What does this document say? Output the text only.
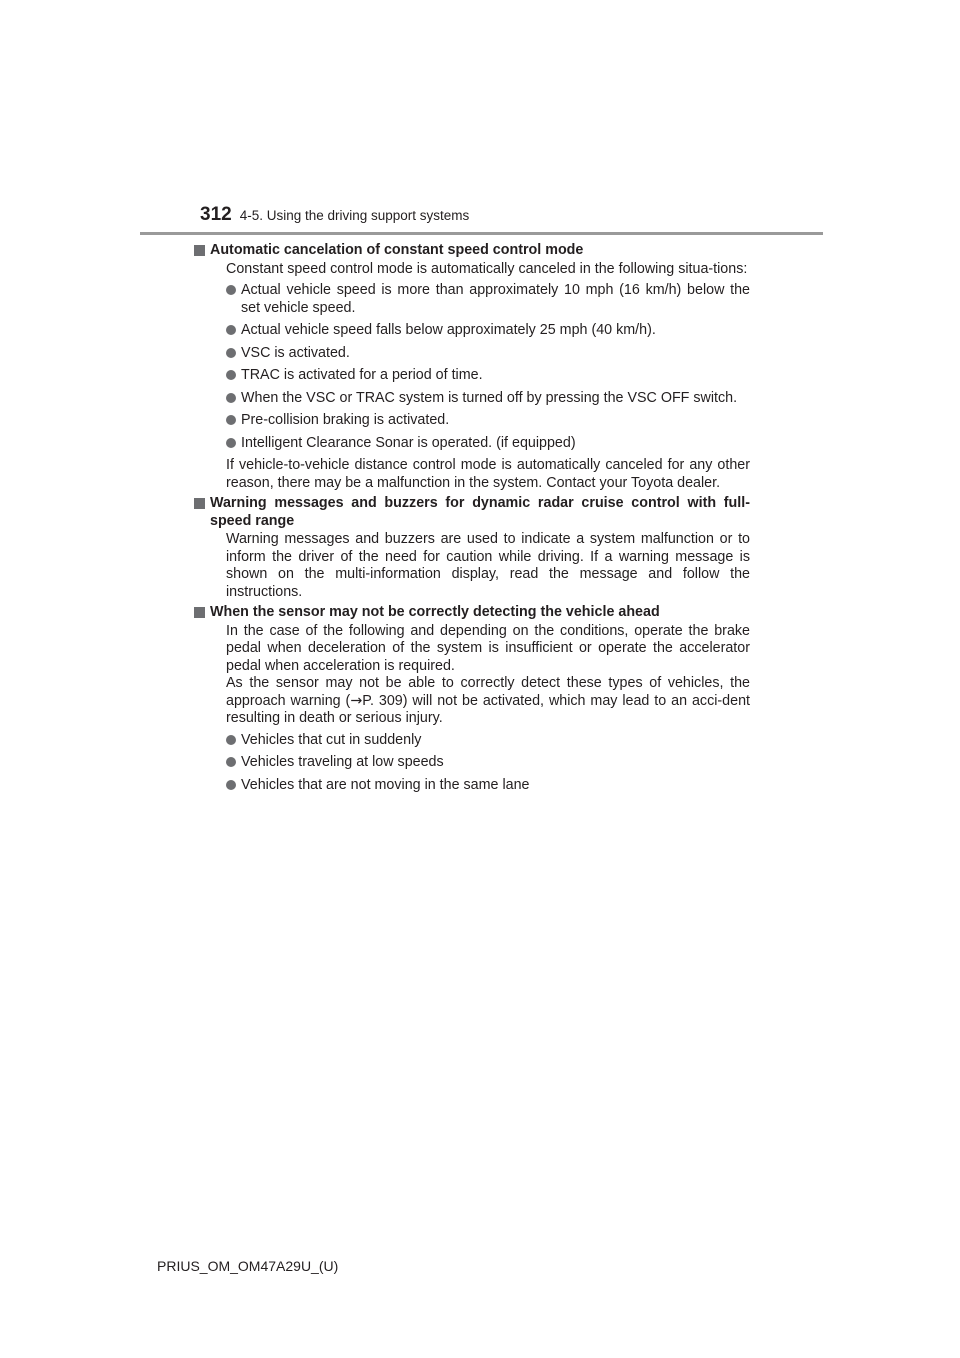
312 4-5. Using the driving support systems
Automatic cancelation of constant speed control mode

Constant speed control mode is automatically canceled in the following situa-tions:

Actual vehicle speed is more than approximately 10 mph (16 km/h) below the set vehicle speed.
Actual vehicle speed falls below approximately 25 mph (40 km/h).
VSC is activated.
TRAC is activated for a period of time.
When the VSC or TRAC system is turned off by pressing the VSC OFF switch.
Pre-collision braking is activated.
Intelligent Clearance Sonar is operated. (if equipped)

If vehicle-to-vehicle distance control mode is automatically canceled for any other reason, there may be a malfunction in the system. Contact your Toyota dealer.

Warning messages and buzzers for dynamic radar cruise control with full-speed range

Warning messages and buzzers are used to indicate a system malfunction or to inform the driver of the need for caution while driving. If a warning message is shown on the multi-information display, read the message and follow the instructions.

When the sensor may not be correctly detecting the vehicle ahead

In the case of the following and depending on the conditions, operate the brake pedal when deceleration of the system is insufficient or operate the accelerator pedal when acceleration is required.

As the sensor may not be able to correctly detect these types of vehicles, the approach warning (→P. 309) will not be activated, which may lead to an acci-dent resulting in death or serious injury.

Vehicles that cut in suddenly
Vehicles traveling at low speeds
Vehicles that are not moving in the same lane
PRIUS_OM_OM47A29U_(U)
